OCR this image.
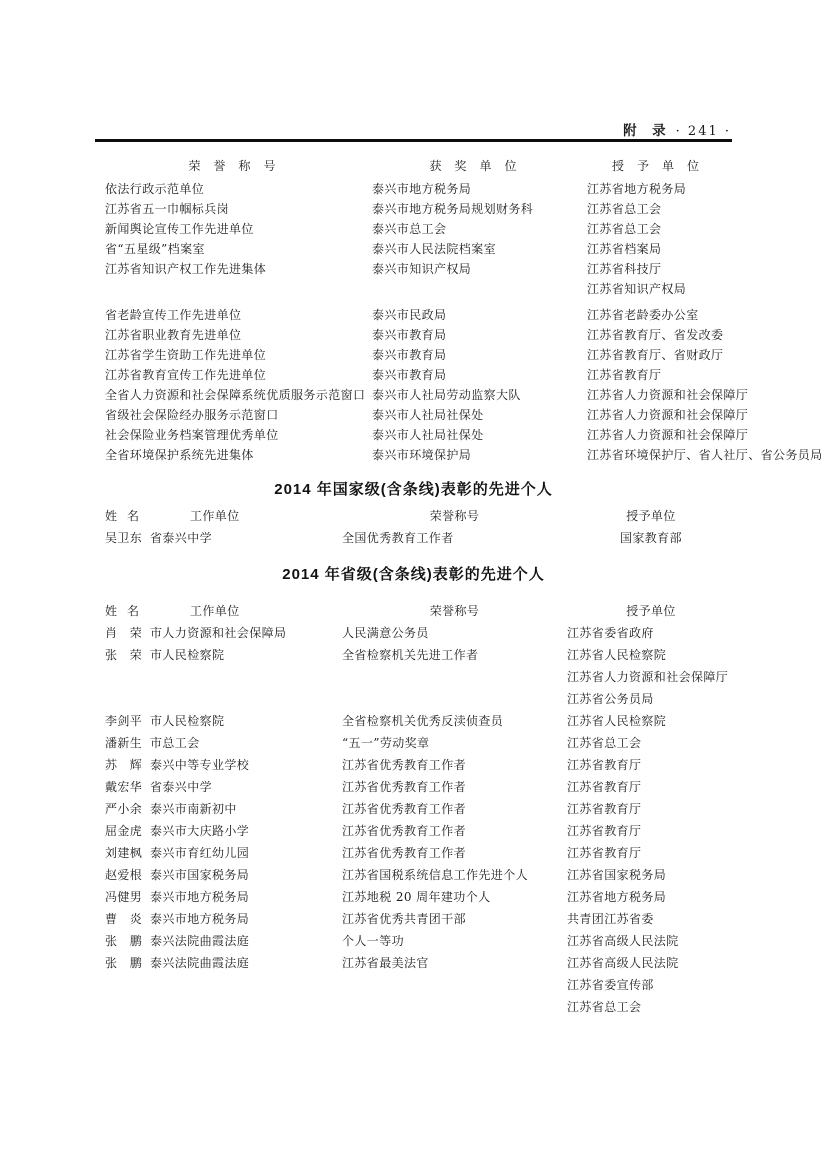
附　录 · 241 ·
荣誉称号	获奖单位	授予单位
依法行政示范单位	泰兴市地方税务局	江苏省地方税务局
江苏省五一巾帼标兵岗	泰兴市地方税务局规划财务科	江苏省总工会
新闻舆论宣传工作先进单位	泰兴市总工会	江苏省总工会
省“五星级”档案室	泰兴市人民法院档案室	江苏省档案局
江苏省知识产权工作先进集体	泰兴市知识产权局	江苏省科技厅
江苏省知识产权局
省老龄宣传工作先进单位	泰兴市民政局	江苏省老龄委办公室
江苏省职业教育先进单位	泰兴市教育局	江苏省教育厅、省发改委
江苏省学生资助工作先进单位	泰兴市教育局	江苏省教育厅、省财政厅
江苏省教育宣传工作先进单位	泰兴市教育局	江苏省教育厅
全省人力资源和社会保障系统优质服务示范窗口 泰兴市人社局劳动监察大队	江苏省人力资源和社会保障厅
省级社会保险经办服务示范窗口	泰兴市人社局社保处	江苏省人力资源和社会保障厅
社会保险业务档案管理优秀单位	泰兴市人社局社保处	江苏省人力资源和社会保障厅
全省环境保护系统先进集体	泰兴市环境保护局	江苏省环境保护厅、省人社厅、省公务员局
2014 年国家级(含条线)表彰的先进个人
姓名	工作单位	荣誉称号	授予单位
吴卫东 省泰兴中学	全国优秀教育工作者	国家教育部
2014 年省级(含条线)表彰的先进个人
姓名	工作单位	荣誉称号	授予单位
肖　荣 市人力资源和社会保障局	人民满意公务员	江苏省委省政府
张　荣 市人民检察院	全省检察机关先进工作者	江苏省人民检察院
江苏省人力资源和社会保障厅
江苏省公务员局
李剑平 市人民检察院	全省检察机关优秀反渎侦查员	江苏省人民检察院
潘新生 市总工会	“五一”劳动奖章	江苏省总工会
苏　辉 泰兴中等专业学校	江苏省优秀教育工作者	江苏省教育厅
戴宏华 省泰兴中学	江苏省优秀教育工作者	江苏省教育厅
严小余 泰兴市南新初中	江苏省优秀教育工作者	江苏省教育厅
屈金虎 泰兴市大庆路小学	江苏省优秀教育工作者	江苏省教育厅
刘建枫 泰兴市育红幼儿园	江苏省优秀教育工作者	江苏省教育厅
赵爱根 泰兴市国家税务局	江苏省国税系统信息工作先进个人	江苏省国家税务局
冯健男 泰兴市地方税务局	江苏地税 20 周年建功个人	江苏省地方税务局
曹　炎 泰兴市地方税务局	江苏省优秀共青团干部	共青团江苏省委
张　鹏 泰兴法院曲霞法庭	个人一等功	江苏省高级人民法院
张　鹏 泰兴法院曲霞法庭	江苏省最美法官	江苏省高级人民法院
江苏省委宣传部
江苏省总工会
